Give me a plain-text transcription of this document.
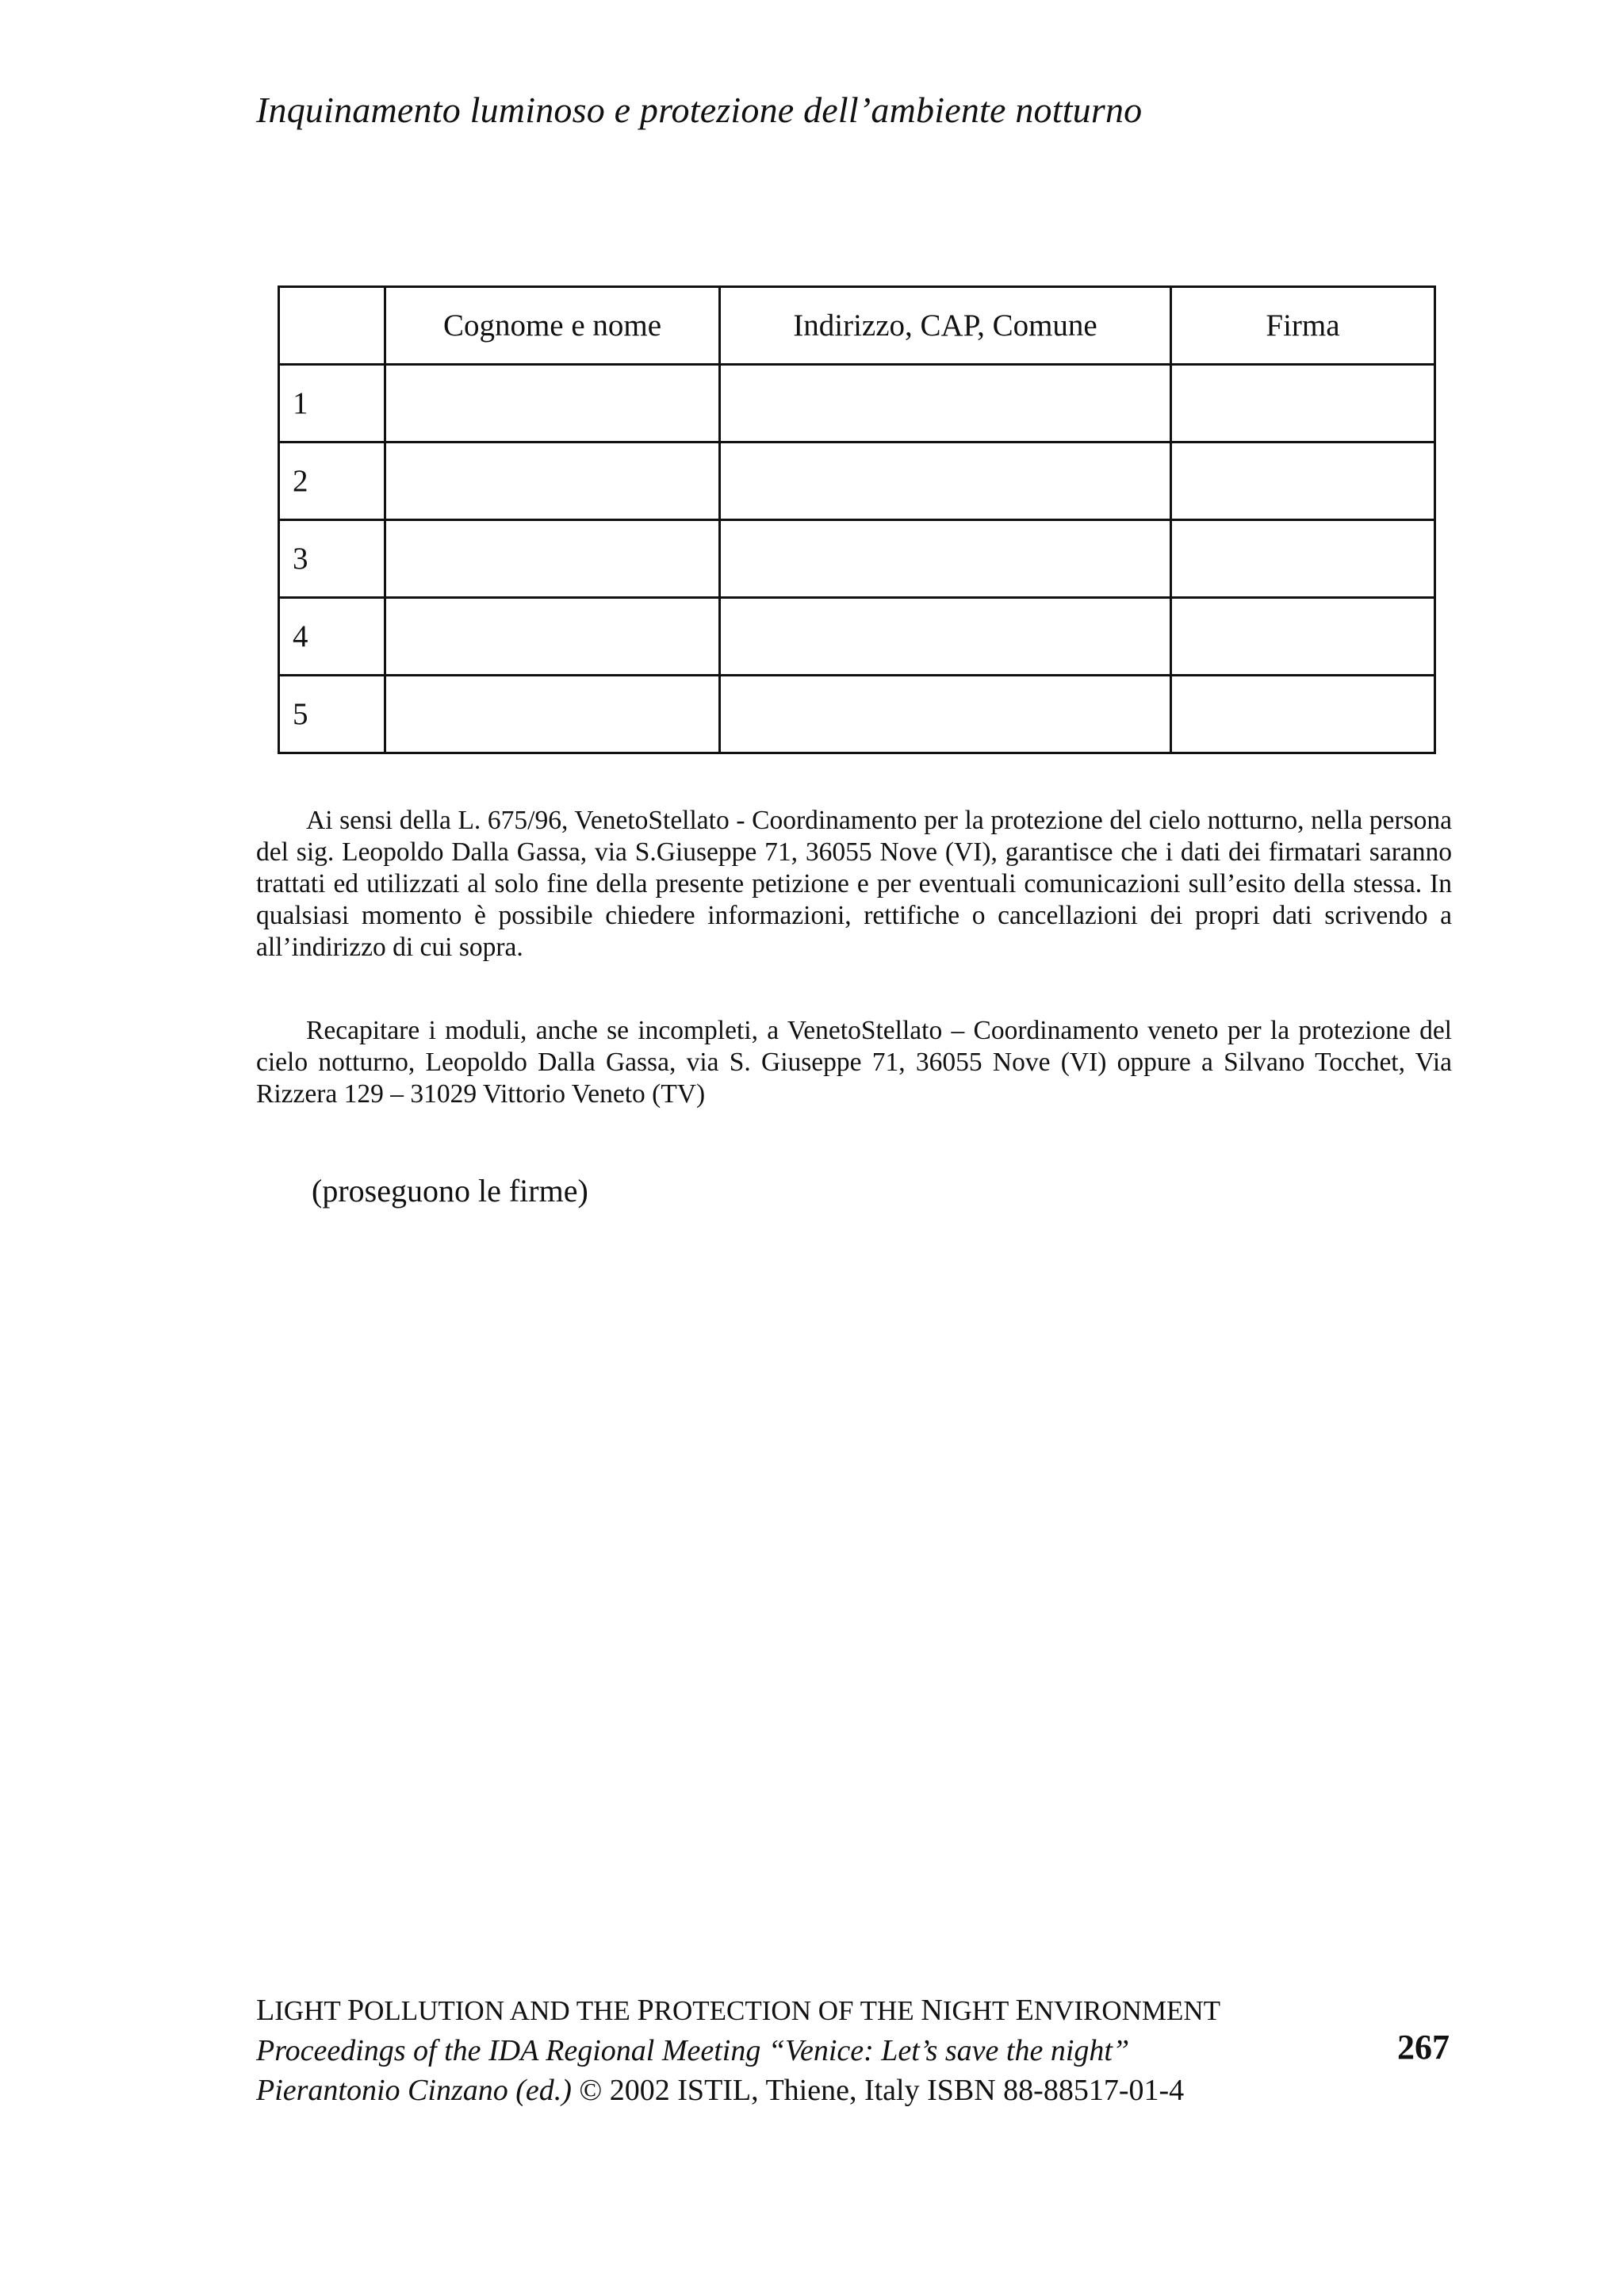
Inquinamento luminoso e protezione dell’ambiente notturno
	Cognome e nome	Indirizzo, CAP, Comune	Firma
1			
2			
3			
4			
5			

Ai sensi della L. 675/96, VenetoStellato - Coordinamento per la protezione del cielo notturno, nella persona del sig. Leopoldo Dalla Gassa, via S.Giuseppe 71, 36055 Nove (VI), garantisce che i dati dei firmatari saranno trattati ed utilizzati al solo fine della presente petizione e per eventuali comunicazioni sull’esito della stessa. In qualsiasi momento è possibile chiedere informazioni, rettifiche o cancellazioni dei propri dati scrivendo a all’indirizzo di cui sopra.

Recapitare i moduli, anche se incompleti, a VenetoStellato – Coordinamento veneto per la protezione del cielo notturno, Leopoldo Dalla Gassa, via S. Giuseppe 71, 36055 Nove (VI) oppure a Silvano Tocchet, Via Rizzera 129 – 31029 Vittorio Veneto (TV)

(proseguono le firme)
LIGHT POLLUTION AND THE PROTECTION OF THE NIGHT ENVIRONMENT
Proceedings of the IDA Regional Meeting “Venice: Let’s save the night”
Pierantonio Cinzano (ed.) © 2002 ISTIL, Thiene, Italy ISBN 88-88517-01-4
267
